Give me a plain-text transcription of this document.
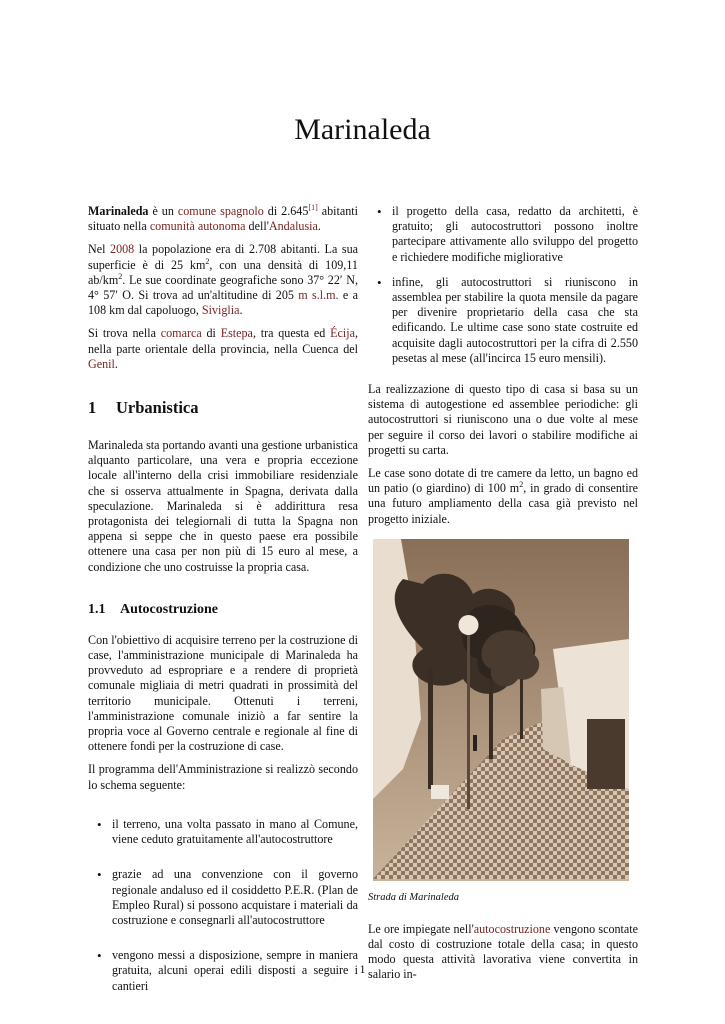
Marinaleda

Marinaleda è un comune spagnolo di 2.645[1] abitanti situato nella comunità autonoma dell'Andalusia.

Nel 2008 la popolazione era di 2.708 abitanti. La sua superficie è di 25 $km^2$, con una densità di 109,11 $ab/km^2$. Le sue coordinate geografiche sono 37° 22′ N, 4° 57′ O. Si trova ad un'altitudine di 205 m s.l.m. e a 108 km dal capoluogo, Siviglia.

Si trova nella comarca di Estepa, tra questa ed Écija, nella parte orientale della provincia, nella Cuenca del Genil.

1 Urbanistica

Marinaleda sta portando avanti una gestione urbanistica alquanto particolare, una vera e propria eccezione locale all'interno della crisi immobiliare residenziale che si osserva attualmente in Spagna, derivata dalla speculazione. Marinaleda si è addirittura resa protagonista dei telegiornali di tutta la Spagna non appena si seppe che in questo paese era possibile ottenere una casa per non più di 15 euro al mese, a condizione che uno costruisse la propria casa.

1.1 Autocostruzione

Con l'obiettivo di acquisire terreno per la costruzione di case, l'amministrazione municipale di Marinaleda ha provveduto ad espropriare e a rendere di proprietà comunale migliaia di metri quadrati in prossimità del territorio municipale. Ottenuti i terreni, l'amministrazione comunale iniziò a far sentire la propria voce al Governo centrale e regionale al fine di ottenere fondi per la costruzione di case.

Il programma dell'Amministrazione si realizzò secondo lo schema seguente:

• il terreno, una volta passato in mano al Comune, viene ceduto gratuitamente all'autocostruttore
• grazie ad una convenzione con il governo regionale andaluso ed il cosiddetto P.E.R. (Plan de Empleo Rural) si possono acquistare i materiali da costruzione e consegnarli all'autocostruttore
• vengono messi a disposizione, sempre in maniera gratuita, alcuni operai edili disposti a seguire i cantieri
• il progetto della casa, redatto da architetti, è gratuito; gli autocostruttori possono inoltre partecipare attivamente allo sviluppo del progetto e richiedere modifiche migliorative
• infine, gli autocostruttori si riuniscono in assemblea per stabilire la quota mensile da pagare per divenire proprietario della casa che sta edificando. Le ultime case sono state costruite ed acquisite dagli autocostruttori per la cifra di 2.550 pesetas al mese (all'incirca 15 euro mensili).

La realizzazione di questo tipo di casa si basa su un sistema di autogestione ed assemblee periodiche: gli autocostruttori si riuniscono una o due volte al mese per seguire il corso dei lavori o stabilire modifiche ai progetti su carta.

Le case sono dotate di tre camere da letto, un bagno ed un patio (o giardino) di 100 $m^2$, in grado di consentire una futuro ampliamento della casa già previsto nel progetto iniziale.

Strada di Marinaleda

Le ore impiegate nell'autocostruzione vengono scontate dal costo di costruzione totale della casa; in questo modo questa attività lavorativa viene convertita in salario in-

1
